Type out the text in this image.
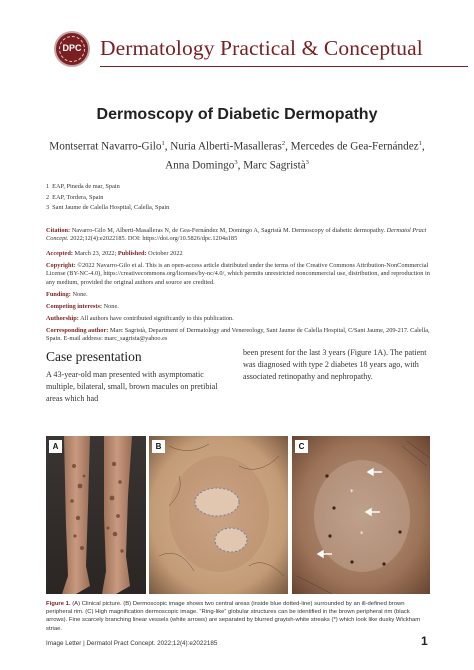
DPC Dermatology Practical & Conceptual
Dermoscopy of Diabetic Dermopathy
Montserrat Navarro-Gilo$^1$, Nuria Alberti-Masalleras$^2$, Mercedes de Gea-Fernández$^1$,
Anna Domingo$^3$, Marc Sagristà$^3$
1 EAP, Pineda de mar, Spain
2 EAP, Tordera, Spain
3 Sant Jaume de Calella Hospital, Calella, Spain
Citation: Navarro-Gilo M, Alberti-Masalleras N, de Gea-Fernández M, Domingo A, Sagristà M. Dermoscopy of diabetic dermopathy. Dermatol Pract Concept. 2022;12(4):e2022185. DOI: https://doi.org/10.5826/dpc.1204a185
Accepted: March 23, 2022; Published: October 2022
Copyright: ©2022 Navarro-Gilo et al. This is an open-access article distributed under the terms of the Creative Commons Attribution-NonCommercial License (BY-NC-4.0), https://creativecommons.org/licenses/by-nc/4.0/, which permits unrestricted noncommercial use, distribution, and reproduction in any medium, provided the original authors and source are credited.
Funding: None.
Competing interests: None.
Authorship: All authors have contributed significantly to this publication.
Corresponding author: Marc Sagristà, Department of Dermatology and Venereology, Sant Jaume de Calella Hospital, C/Sant Jaume, 209-217. Calella, Spain. E-mail address: marc_sagrista@yahoo.es
Case presentation
A 43-year-old man presented with asymptomatic multiple, bilateral, small, brown macules on pretibial areas which had
been present for the last 3 years (Figure 1A). The patient was diagnosed with type 2 diabetes 18 years ago, with associated retinopathy and nephropathy.
A	B
*
*
C
Figure 1. (A) Clinical picture. (B) Dermoscopic image shows two central areas (inside blue dotted-line) surrounded by an ill-defined brown peripheral rim. (C) High magnification dermoscopic image. “Ring-like” globular structures can be identified in the brown peripheral rim (black arrows). Fine scarcely branching linear vessels (white arrows) are separated by blurred grayish-white streaks (*) which look like dusky Wickham striae.
Image Letter | Dermatol Pract Concept. 2022;12(4):e2022185	1
